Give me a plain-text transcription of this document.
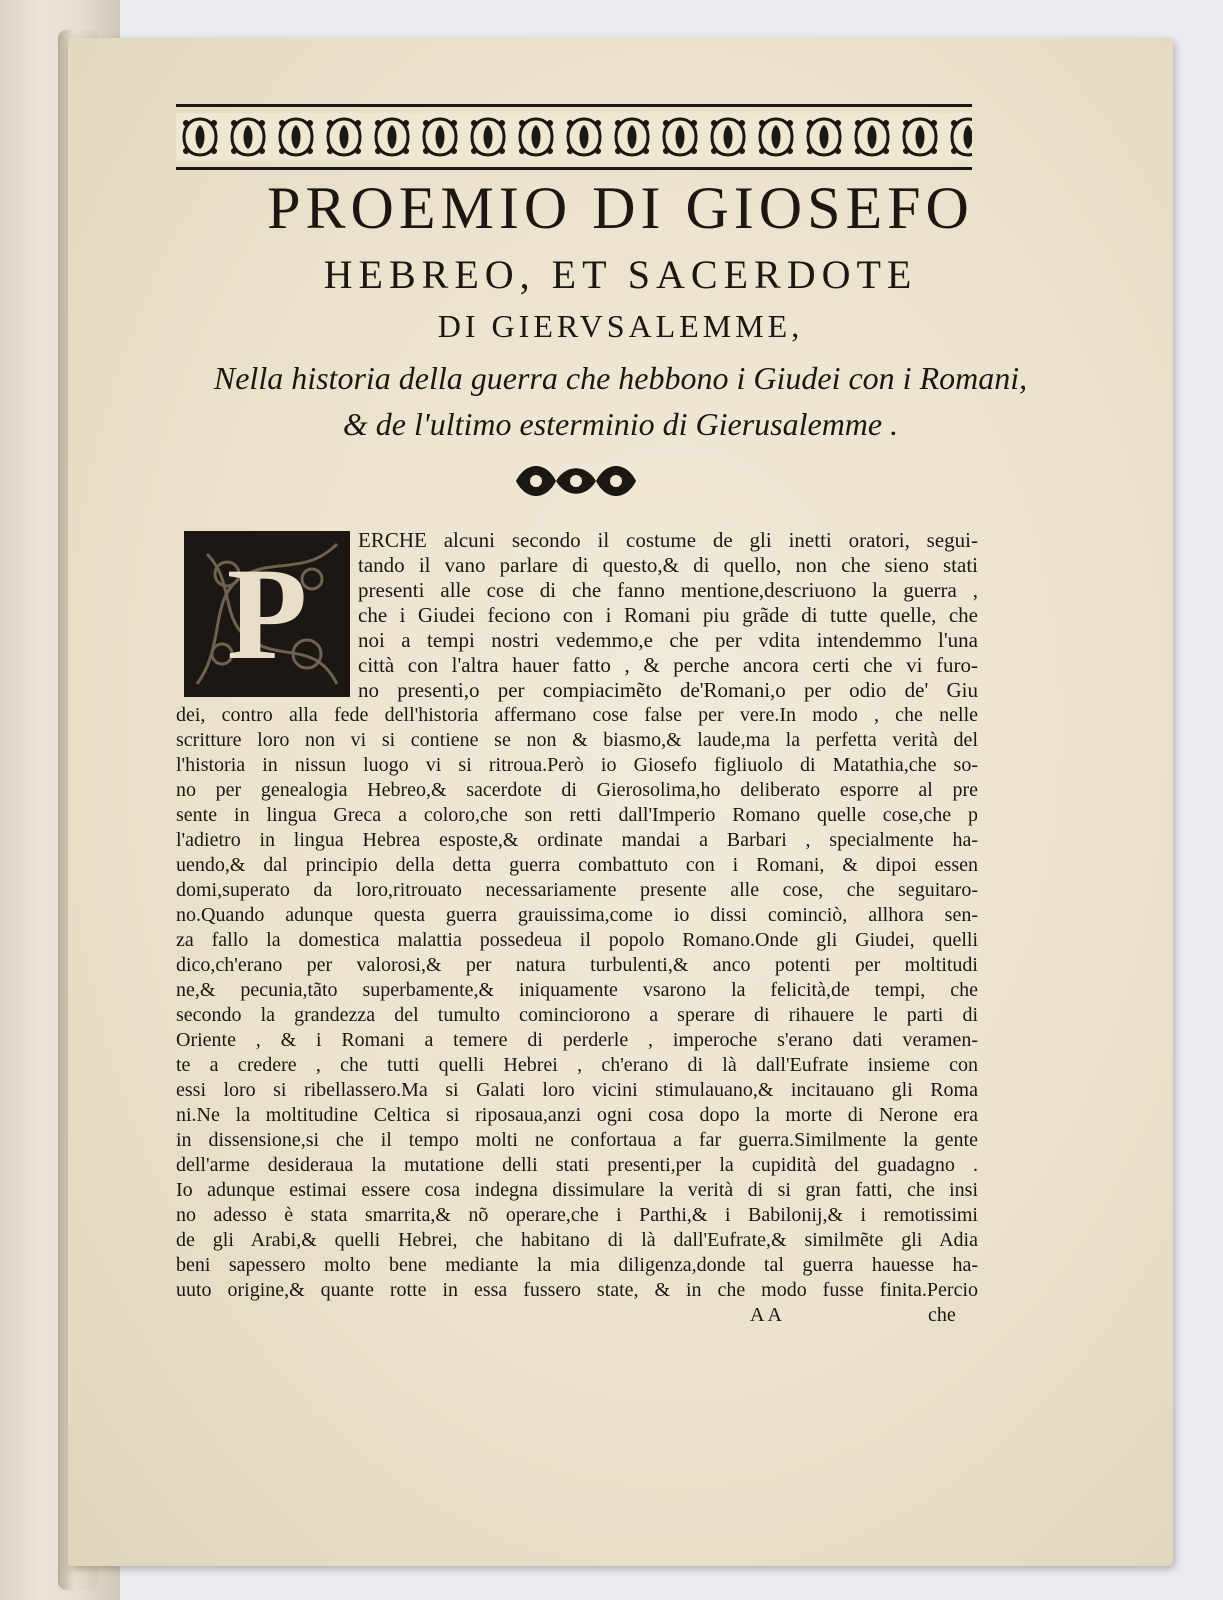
PROEMIO DI GIOSEFO
HEBREO, ET SACERDOTE
DI GIERVSALEMME,
Nella historia della guerra che hebbono i Giudei con i Romani,
& de l'ultimo esterminio di Gierusalemme .
P	ERCHE alcuni secondo il costume de gli inetti oratori, segui-
tando il vano parlare di questo,& di quello, non che sieno stati
presenti alle cose di che fanno mentione,descriuono la guerra ,
che i Giudei feciono con i Romani piu grãde di tutte quelle, che
noi a tempi nostri vedemmo,e che per vdita intendemmo l'una
città con l'altra hauer fatto , & perche ancora certi che vi furo-
no presenti,o per compiacimẽto de'Romani,o per odio de' Giu
dei, contro alla fede dell'historia affermano cose false per vere.In modo , che nelle
scritture loro non vi si contiene se non & biasmo,& laude,ma la perfetta verità del
l'historia in nissun luogo vi si ritroua.Però io Giosefo figliuolo di Matathia,che so-
no per genealogia Hebreo,& sacerdote di Gierosolima,ho deliberato esporre al pre
sente in lingua Greca a coloro,che son retti dall'Imperio Romano quelle cose,che p
l'adietro in lingua Hebrea esposte,& ordinate mandai a Barbari , specialmente ha-
uendo,& dal principio della detta guerra combattuto con i Romani, & dipoi essen
domi,superato da loro,ritrouato necessariamente presente alle cose, che seguitaro-
no.Quando adunque questa guerra grauissima,come io dissi cominciò, allhora sen-
za fallo la domestica malattia possedeua il popolo Romano.Onde gli Giudei, quelli
dico,ch'erano per valorosi,& per natura turbulenti,& anco potenti per moltitudi
ne,& pecunia,tãto superbamente,& iniquamente vsarono la felicità,de tempi, che
secondo la grandezza del tumulto cominciorono a sperare di rihauere le parti di
Oriente , & i Romani a temere di perderle , imperoche s'erano dati veramen-
te a credere , che tutti quelli Hebrei , ch'erano di là dall'Eufrate insieme con
essi loro si ribellassero.Ma si Galati loro vicini stimulauano,& incitauano gli Roma
ni.Ne la moltitudine Celtica si riposaua,anzi ogni cosa dopo la morte di Nerone era
in dissensione,si che il tempo molti ne confortaua a far guerra.Similmente la gente
dell'arme desideraua la mutatione delli stati presenti,per la cupidità del guadagno .
Io adunque estimai essere cosa indegna dissimulare la verità di si gran fatti, che insi
no adesso è stata smarrita,& nõ operare,che i Parthi,& i Babilonij,& i remotissimi
de gli Arabi,& quelli Hebrei, che habitano di là dall'Eufrate,& similmẽte gli Adia
beni sapessero molto bene mediante la mia diligenza,donde tal guerra hauesse ha-
uuto origine,& quante rotte in essa fussero state, & in che modo fusse finita.Percio
AA	che
